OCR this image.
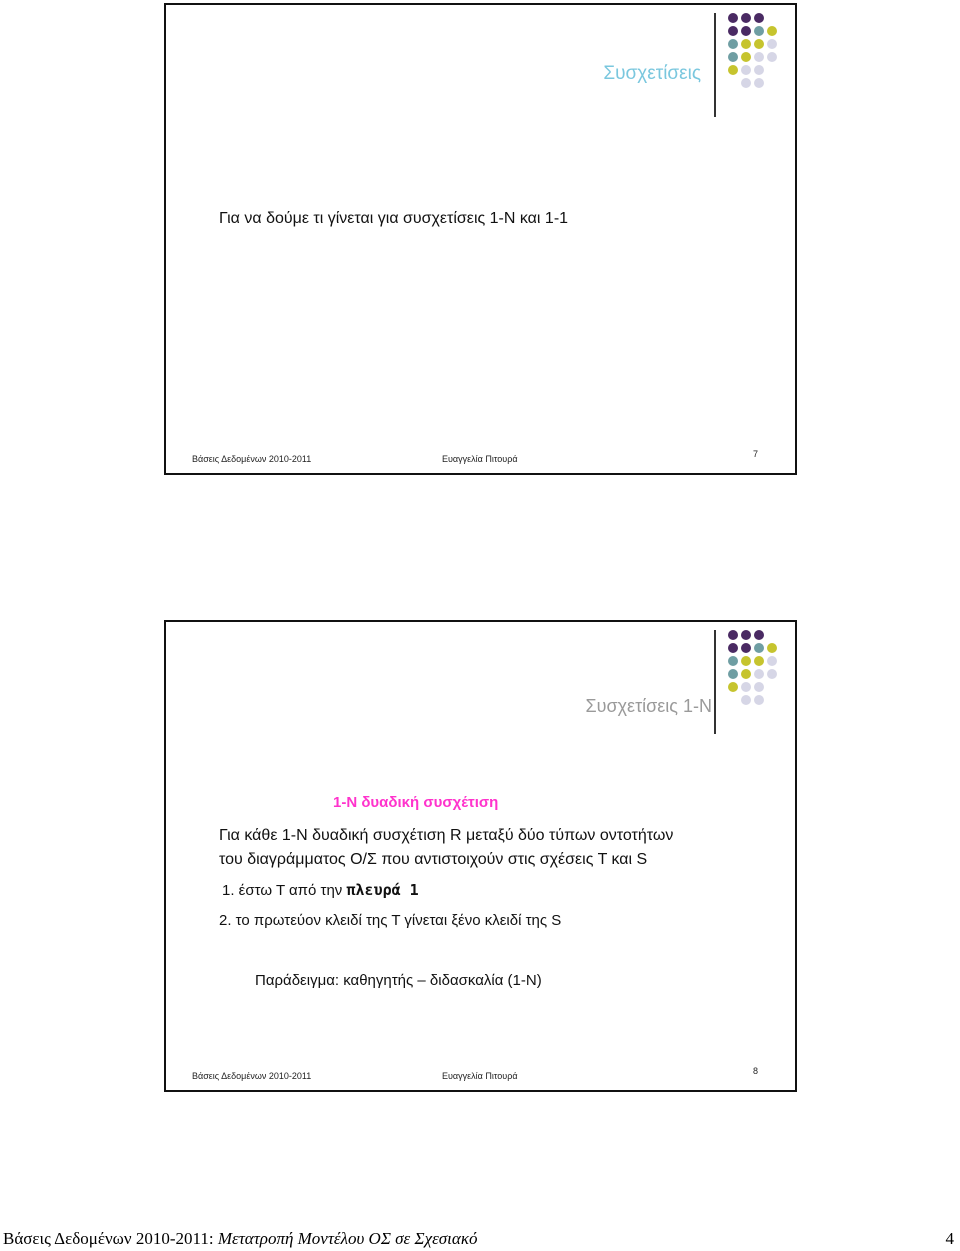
Συσχετίσεις
Για να δούμε τι γίνεται για συσχετίσεις 1-Ν και 1-1
Βάσεις Δεδομένων 2010-2011	Ευαγγελία Πιτουρά	7
Συσχετίσεις 1-Ν
1-Ν δυαδική συσχέτιση
Για κάθε 1-Ν δυαδική συσχέτιση R μεταξύ δύο τύπων οντοτήτων
του διαγράμματος Ο/Σ που αντιστοιχούν στις σχέσεις Τ και S
1. έστω Τ από την πλευρά 1
2. το πρωτεύον κλειδί της Τ γίνεται ξένο κλειδί της S
Παράδειγμα: καθηγητής – διδασκαλία (1-Ν)
Βάσεις Δεδομένων 2010-2011	Ευαγγελία Πιτουρά	8
Βάσεις Δεδομένων 2010-2011: Μετατροπή Μοντέλου ΟΣ σε Σχεσιακό	4
